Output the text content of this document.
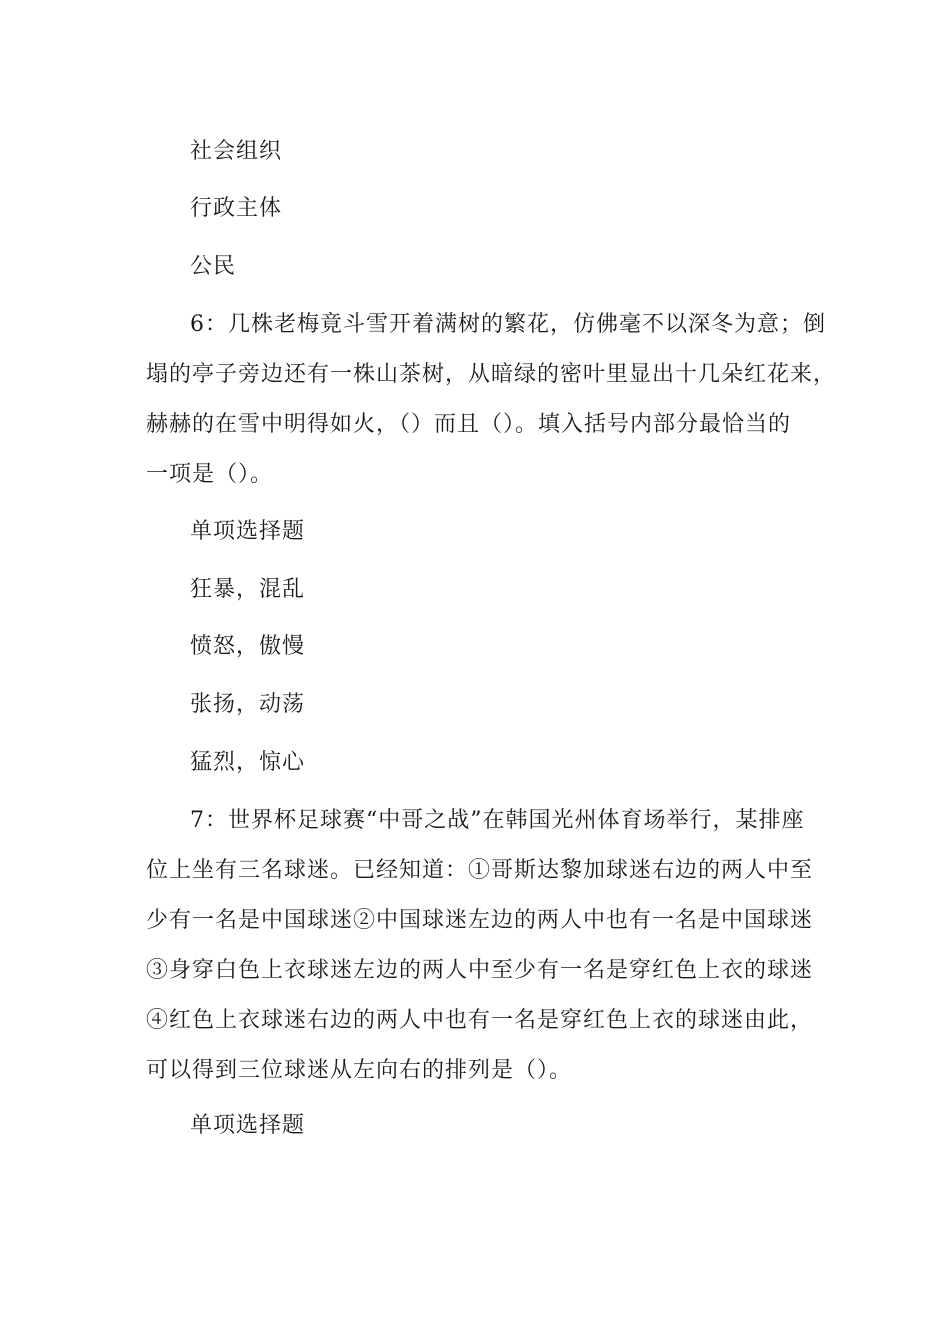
社会组织
行政主体
公民
6：几株老梅竟斗雪开着满树的繁花，仿佛毫不以深冬为意；倒
塌的亭子旁边还有一株山茶树，从暗绿的密叶里显出十几朵红花来，
赫赫的在雪中明得如火，（）而且（）。填入括号内部分最恰当的
一项是（）。
单项选择题
狂暴，混乱
愤怒，傲慢
张扬，动荡
猛烈，惊心
7：世界杯足球赛“中哥之战”在韩国光州体育场举行，某排座
位上坐有三名球迷。已经知道：①哥斯达黎加球迷右边的两人中至
少有一名是中国球迷②中国球迷左边的两人中也有一名是中国球迷
③身穿白色上衣球迷左边的两人中至少有一名是穿红色上衣的球迷
④红色上衣球迷右边的两人中也有一名是穿红色上衣的球迷由此，
可以得到三位球迷从左向右的排列是（）。
单项选择题
